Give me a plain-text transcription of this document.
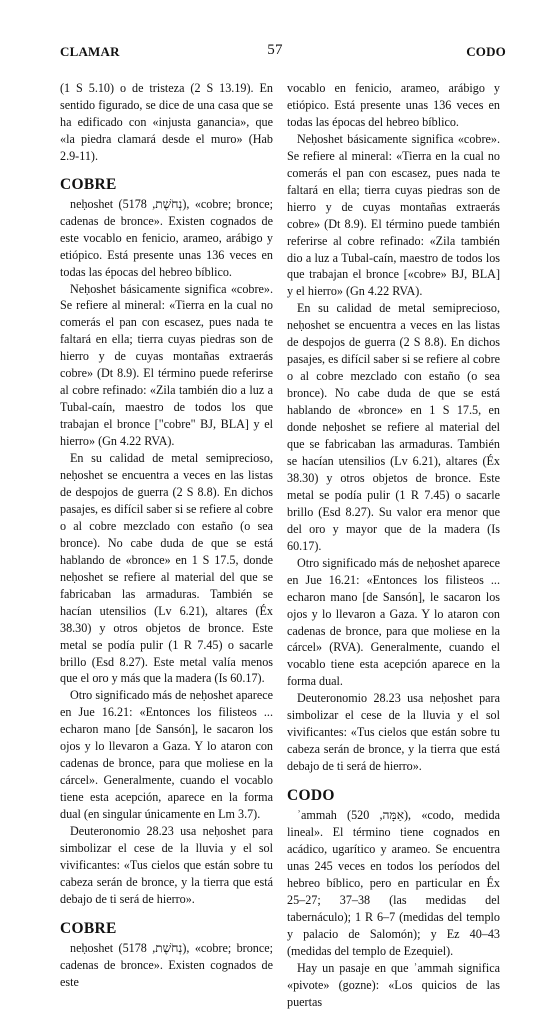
CLAMAR	57	CODO

(1 S 5.10) o de tristeza (2 S 13.19). En sentido figurado, se dice de una casa que se ha edificado con «injusta ganancia», que «la piedra clamará desde el muro» (Hab 2.9-11).

COBRE

neḥoshet (נְחֹשֶׁת, 5178), «cobre; bronce; cadenas de bronce». Existen cognados de este vocablo en fenicio, arameo, arábigo y etiópico. Está presente unas 136 veces en todas las épocas del hebreo bíblico.

Neḥoshet básicamente significa «cobre». Se refiere al mineral: «Tierra en la cual no comerás el pan con escasez, pues nada te faltará en ella; tierra cuyas piedras son de hierro y de cuyas montañas extraerás cobre» (Dt 8.9). El término puede referirse al cobre refinado: «Zila también dio a luz a Tubal-caín, maestro de todos los que trabajan el bronce ["cobre" BJ, BLA] y el hierro» (Gn 4.22 RVA).

En su calidad de metal semiprecioso, neḥoshet se encuentra a veces en las listas de despojos de guerra (2 S 8.8). En dichos pasajes, es difícil saber si se refiere al cobre o al cobre mezclado con estaño (o sea bronce). No cabe duda de que se está hablando de «bronce» en 1 S 17.5, donde neḥoshet se refiere al material del que se fabricaban las armaduras. También se hacían utensilios (Lv 6.21), altares (Éx 38.30) y otros objetos de bronce. Este metal se podía pulir (1 R 7.45) o sacarle brillo (Esd 8.27). Este metal valía menos que el oro y más que la madera (Is 60.17).

Otro significado más de neḥoshet aparece en Jue 16.21: «Entonces los filisteos ... echaron mano [de Sansón], le sacaron los ojos y lo llevaron a Gaza. Y lo ataron con cadenas de bronce, para que moliese en la cárcel». Generalmente, cuando el vocablo tiene esta acepción, aparece en la forma dual (en singular únicamente en Lm 3.7).

Deuteronomio 28.23 usa neḥoshet para simbolizar el cese de la lluvia y el sol vivificantes: «Tus cielos que están sobre tu cabeza serán de bronce, y la tierra que está debajo de ti será de hierro».

COBRE

neḥoshet (נְחֹשֶׁת, 5178), «cobre; bronce; cadenas de bronce». Existen cognados de este

vocablo en fenicio, arameo, arábigo y etiópico. Está presente unas 136 veces en todas las épocas del hebreo bíblico.

Neḥoshet básicamente significa «cobre». Se refiere al mineral: «Tierra en la cual no comerás el pan con escasez, pues nada te faltará en ella; tierra cuyas piedras son de hierro y de cuyas montañas extraerás cobre» (Dt 8.9). El término puede también referirse al cobre refinado: «Zila también dio a luz a Tubal-caín, maestro de todos los que trabajan el bronce [«cobre» BJ, BLA] y el hierro» (Gn 4.22 RVA).

En su calidad de metal semiprecioso, neḥoshet se encuentra a veces en las listas de despojos de guerra (2 S 8.8). En dichos pasajes, es difícil saber si se refiere al cobre o al cobre mezclado con estaño (o sea bronce). No cabe duda de que se está hablando de «bronce» en 1 S 17.5, en donde neḥoshet se refiere al material del que se fabricaban las armaduras. También se hacían utensilios (Lv 6.21), altares (Éx 38.30) y otros objetos de bronce. Este metal se podía pulir (1 R 7.45) o sacarle brillo (Esd 8.27). Su valor era menor que del oro y mayor que de la madera (Is 60.17).

Otro significado más de neḥoshet aparece en Jue 16.21: «Entonces los filisteos ... echaron mano [de Sansón], le sacaron los ojos y lo llevaron a Gaza. Y lo ataron con cadenas de bronce, para que moliese en la cárcel» (RVA). Generalmente, cuando el vocablo tiene esta acepción aparece en la forma dual.

Deuteronomio 28.23 usa neḥoshet para simbolizar el cese de la lluvia y el sol vivificantes: «Tus cielos que están sobre tu cabeza serán de bronce, y la tierra que está debajo de ti será de hierro».

CODO

ʾammah (אַמָּה, 520), «codo, medida lineal». El término tiene cognados en acádico, ugarítico y arameo. Se encuentra unas 245 veces en todos los períodos del hebreo bíblico, pero en particular en Éx 25–27; 37–38 (las medidas del tabernáculo); 1 R 6–7 (medidas del templo y palacio de Salomón); y Ez 40–43 (medidas del templo de Ezequiel).

Hay un pasaje en que ʾammah significa «pivote» (gozne): «Los quicios de las puertas
